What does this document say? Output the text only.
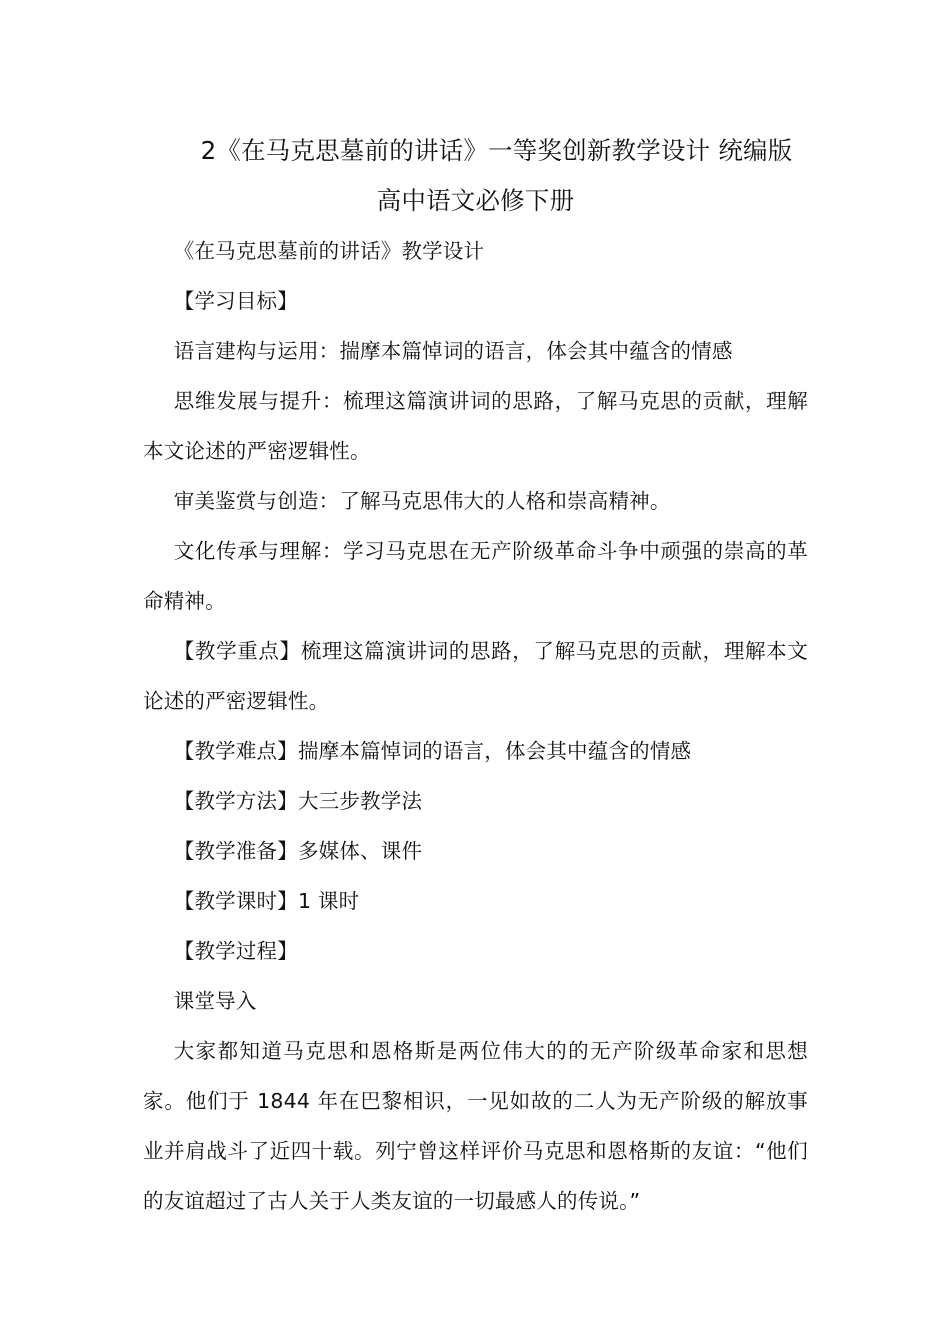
2《在马克思墓前的讲话》一等奖创新教学设计 统编版
高中语文必修下册

《在马克思墓前的讲话》教学设计

【学习目标】

语言建构与运用：揣摩本篇悼词的语言，体会其中蕴含的情感

思维发展与提升：梳理这篇演讲词的思路，了解马克思的贡献，理解本文论述的严密逻辑性。

审美鉴赏与创造：了解马克思伟大的人格和崇高精神。

文化传承与理解：学习马克思在无产阶级革命斗争中顽强的崇高的革命精神。

【教学重点】梳理这篇演讲词的思路，了解马克思的贡献，理解本文论述的严密逻辑性。

【教学难点】揣摩本篇悼词的语言，体会其中蕴含的情感

【教学方法】大三步教学法

【教学准备】多媒体、课件

【教学课时】1 课时

【教学过程】

课堂导入

大家都知道马克思和恩格斯是两位伟大的的无产阶级革命家和思想家。他们于 1844 年在巴黎相识，一见如故的二人为无产阶级的解放事业并肩战斗了近四十载。列宁曾这样评价马克思和恩格斯的友谊：“他们的友谊超过了古人关于人类友谊的一切最感人的传说。”
